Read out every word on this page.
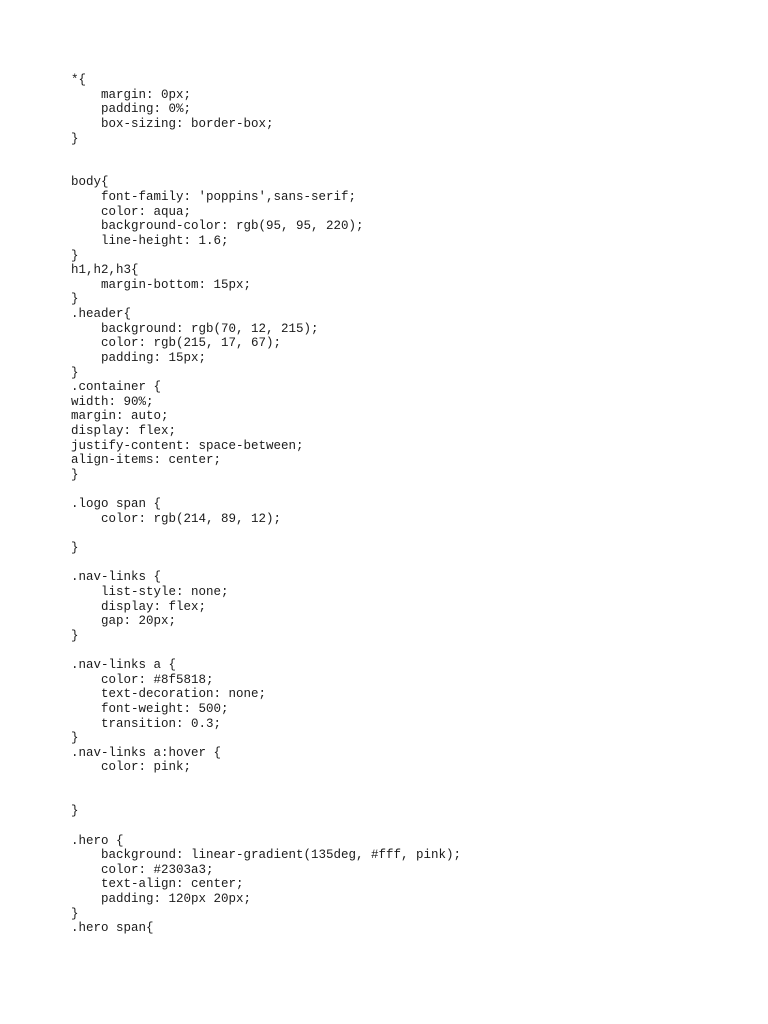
*{
margin: 0px;
padding: 0%;
box-sizing: border-box;
}
body{
font-family: 'poppins',sans-serif;
color: aqua;
background-color: rgb(95, 95, 220);
line-height: 1.6;
}
h1,h2,h3{
margin-bottom: 15px;
}
.header{
background: rgb(70, 12, 215);
color: rgb(215, 17, 67);
padding: 15px;
}
.container {
width: 90%;
margin: auto;
display: flex;
justify-content: space-between;
align-items: center;
}
.logo span {
color: rgb(214, 89, 12);
}
.nav-links {
list-style: none;
display: flex;
gap: 20px;
}
.nav-links a {
color: #8f5818;
text-decoration: none;
font-weight: 500;
transition: 0.3;
}
.nav-links a:hover {
color: pink;
}
.hero {
background: linear-gradient(135deg, #fff, pink);
color: #2303a3;
text-align: center;
padding: 120px 20px;
}
.hero span{
